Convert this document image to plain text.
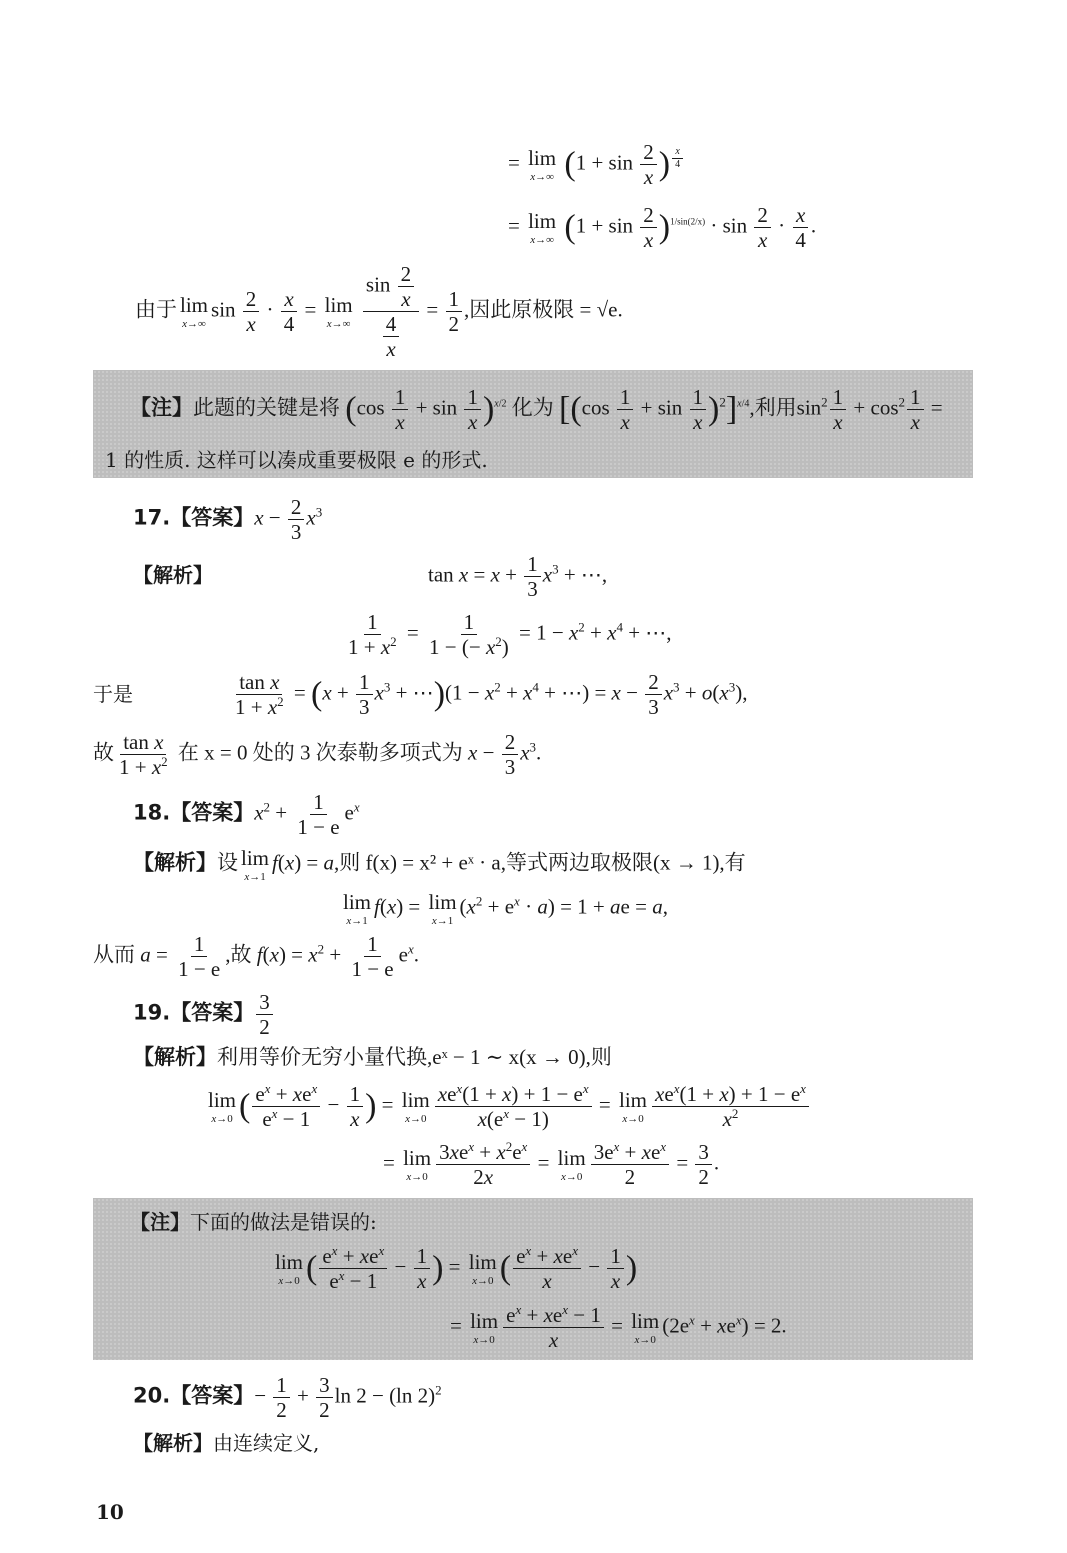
= lim
x→∞ ($1 + \sin \frac{2}{x}$ ) $^{\frac{x}{4}}$
= lim
x→∞ $(1 + \sin \frac{2}{x} )^{1/sin(2/x)} \cdot \sin \frac{2}{x} \cdot \frac{x}{4}$ .
由于 lim
x→∞
$\sin \frac{2}{x} \cdot \frac{x}{4} = \lim$
x→∞
$\frac{\sin \frac{2}{x}}{\frac{4}{x}} = \frac{1}{2}$ ,因此原极限 = √e.
【注】此题的关键是将 $(\cos \frac{1}{x} + \sin \frac{1}{x} )^{x/2}$ 化为 $[(\cos \frac{1}{x} + \sin \frac{1}{x} )^2]^{x/4}$,利用$\sin^2 \frac{1}{x} + \cos^2 \frac{1}{x}$ =
1 的性质. 这样可以凑成重要极限 e 的形式.
17.【答案】$x - \frac{2}{3} x^3$
【解析】	$\tan x = x + \frac{1}{3} x^3$ + ⋯,
$\frac{1}{1 + x^2} = \frac{1}{1 - (- x^2)} = 1 - x^2 + x^4$ + ⋯,
于是	$\frac{\text{tan x}}{1 + x^2} = (x + \frac{1}{3} x^3$ + ⋯)(1 − $x^2 + x^4$ + ⋯) = $x - \frac{2}{3} x^3 + o(x^3)$,
故 $\frac{\text{tan x}}{1 + x^2}$ 在 x = 0 处的 3 次泰勒多项式为 $x - \frac{2}{3} x^3$.
18.【答案】$x^2 + \frac{1}{1 - e} e^x$
【解析】设 lim
x→1
f(x) = a,则 f(x) = x² + eˣ · a,等式两边取极限(x → 1),有
lim
x→1
f(x) = lim
x→1
$(x^2 + e^x \cdot a) = 1$ + ae = a,
从而 $a = \frac{1}{1 - e}$ ,故 $f(x) = x^2 + \frac{1}{1 - e} e^x$.
19.【答案】 $\frac{3}{2}$
【解析】利用等价无穷小量代换,eˣ − 1 ∼ x(x → 0),则
lim
x→0 ( $\frac{e^x + xe^x}{e^x - 1} - \frac{1}{x}$ ) = lim
$x\to 0 \frac{xe^x(1 + x) + 1 - e^x}{x(e^x - 1)} = \lim$
$x\to 0 \frac{xe^x(1 + x) + 1 - e^x}{x^2}$
= lim
$x\to 0 \frac{3xe^x + x^2e^x}{2x} = \lim$
$x\to 0 \frac{3e^x + xe^x}{2} = \frac{3}{2}$ .
【注】下面的做法是错误的:
lim
x→0 ( $\frac{e^x + xe^x}{e^x - 1} - \frac{1}{x}$ ) = lim
x→0 ( $\frac{e^x + xe^x}{x} - \frac{1}{x}$ )
= lim
$x\to 0 \frac{e^x + xe^x - 1}{x} = \lim$
x→0
$(2e^x + xe^x) = 2$.
20.【答案】− $\frac{1}{2} + \frac{3}{2}$ ln 2 − (ln 2)$^2$
【解析】由连续定义,
10
